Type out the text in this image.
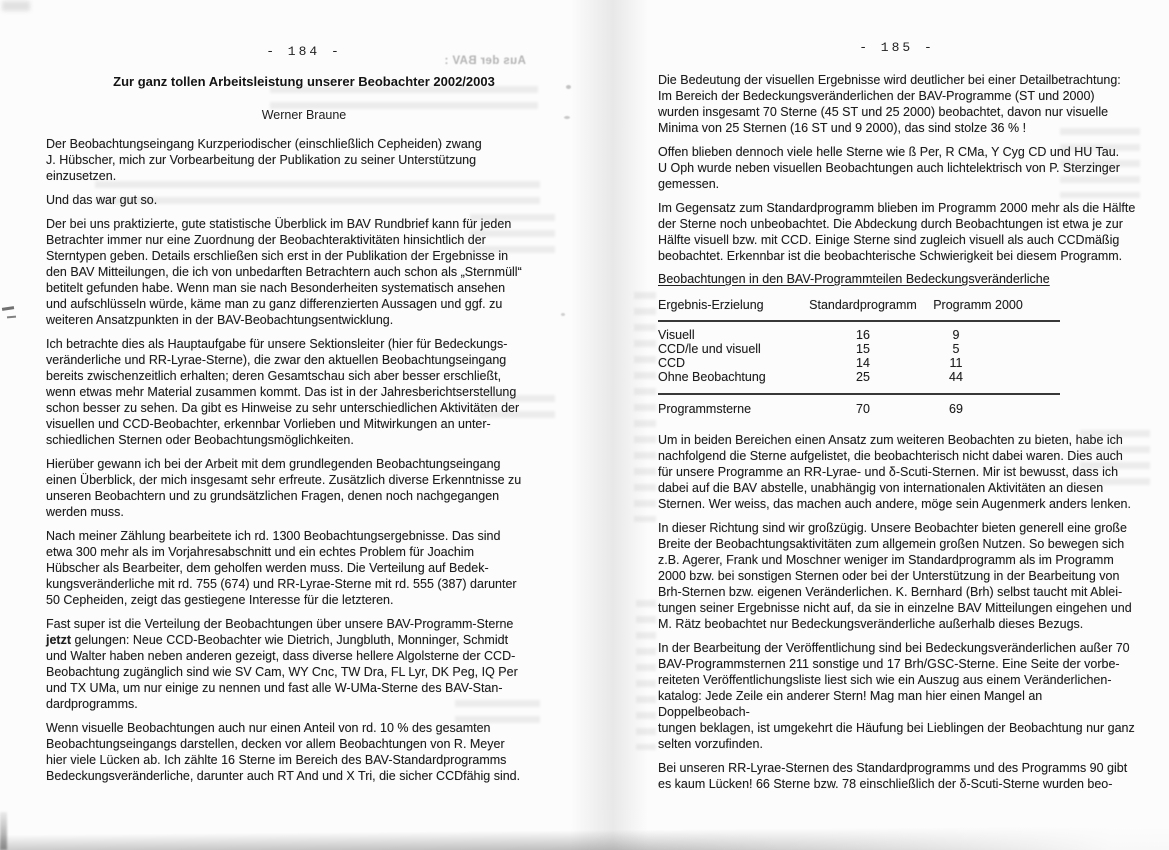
Aus der BAV :
- 184 -
Zur ganz tollen Arbeitsleistung unserer Beobachter 2002/2003
Werner Braune

Der Beobachtungseingang Kurzperiodischer (einschließlich Cepheiden) zwang
J. Hübscher, mich zur Vorbearbeitung der Publikation zu seiner Unterstützung
einzusetzen.

Und das war gut so.

Der bei uns praktizierte, gute statistische Überblick im BAV Rundbrief kann für jeden
Betrachter immer nur eine Zuordnung der Beobachteraktivitäten hinsichtlich der
Sterntypen geben. Details erschließen sich erst in der Publikation der Ergebnisse in
den BAV Mitteilungen, die ich von unbedarften Betrachtern auch schon als „Sternmüll“
betitelt gefunden habe. Wenn man sie nach Besonderheiten systematisch ansehen
und aufschlüsseln würde, käme man zu ganz differenzierten Aussagen und ggf. zu
weiteren Ansatzpunkten in der BAV-Beobachtungsentwicklung.

Ich betrachte dies als Hauptaufgabe für unsere Sektionsleiter (hier für Bedeckungs-
veränderliche und RR-Lyrae-Sterne), die zwar den aktuellen Beobachtungseingang
bereits zwischenzeitlich erhalten; deren Gesamtschau sich aber besser erschließt,
wenn etwas mehr Material zusammen kommt. Das ist in der Jahresberichtserstellung
schon besser zu sehen. Da gibt es Hinweise zu sehr unterschiedlichen Aktivitäten der
visuellen und CCD-Beobachter, erkennbar Vorlieben und Mitwirkungen an unter-
schiedlichen Sternen oder Beobachtungsmöglichkeiten.

Hierüber gewann ich bei der Arbeit mit dem grundlegenden Beobachtungseingang
einen Überblick, der mich insgesamt sehr erfreute. Zusätzlich diverse Erkenntnisse zu
unseren Beobachtern und zu grundsätzlichen Fragen, denen noch nachgegangen
werden muss.

Nach meiner Zählung bearbeitete ich rd. 1300 Beobachtungsergebnisse. Das sind
etwa 300 mehr als im Vorjahresabschnitt und ein echtes Problem für Joachim
Hübscher als Bearbeiter, dem geholfen werden muss. Die Verteilung auf Bedek-
kungsveränderliche mit rd. 755 (674) und RR-Lyrae-Sterne mit rd. 555 (387) darunter
50 Cepheiden, zeigt das gestiegene Interesse für die letzteren.

Fast super ist die Verteilung der Beobachtungen über unsere BAV-Programm-Sterne
jetzt gelungen: Neue CCD-Beobachter wie Dietrich, Jungbluth, Monninger, Schmidt
und Walter haben neben anderen gezeigt, dass diverse hellere Algolsterne der CCD-
Beobachtung zugänglich sind wie SV Cam, WY Cnc, TW Dra, FL Lyr, DK Peg, IQ Per
und TX UMa, um nur einige zu nennen und fast alle W-UMa-Sterne des BAV-Stan-
dardprogramms.

Wenn visuelle Beobachtungen auch nur einen Anteil von rd. 10 % des gesamten
Beobachtungseingangs darstellen, decken vor allem Beobachtungen von R. Meyer
hier viele Lücken ab. Ich zählte 16 Sterne im Bereich des BAV-Standardprogramms
Bedeckungsveränderliche, darunter auch RT And und X Tri, die sicher CCDfähig sind.

- 185 -

Die Bedeutung der visuellen Ergebnisse wird deutlicher bei einer Detailbetrachtung:
Im Bereich der Bedeckungsveränderlichen der BAV-Programme (ST und 2000)
wurden insgesamt 70 Sterne (45 ST und 25 2000) beobachtet, davon nur visuelle
Minima von 25 Sternen (16 ST und 9 2000), das sind stolze 36 % !

Offen blieben dennoch viele helle Sterne wie ß Per, R CMa, Y Cyg CD und HU Tau.
U Oph wurde neben visuellen Beobachtungen auch lichtelektrisch von P. Sterzinger
gemessen.

Im Gegensatz zum Standardprogramm blieben im Programm 2000 mehr als die Hälfte
der Sterne noch unbeobachtet. Die Abdeckung durch Beobachtungen ist etwa je zur
Hälfte visuell bzw. mit CCD. Einige Sterne sind zugleich visuell als auch CCDmäßig
beobachtet. Erkennbar ist die beobachterische Schwierigkeit bei diesem Programm.

Beobachtungen in den BAV-Programmteilen Bedeckungsveränderliche
Ergebnis-Erzielung	Standardprogramm	Programm 2000
Visuell	16	9
CCD/le und visuell	15	5
CCD	14	11
Ohne Beobachtung	25	44
Programmsterne	70	69

Um in beiden Bereichen einen Ansatz zum weiteren Beobachten zu bieten, habe ich
nachfolgend die Sterne aufgelistet, die beobachterisch nicht dabei waren. Dies auch
für unsere Programme an RR-Lyrae- und δ-Scuti-Sternen. Mir ist bewusst, dass ich
dabei auf die BAV abstelle, unabhängig von internationalen Aktivitäten an diesen
Sternen. Wer weiss, das machen auch andere, möge sein Augenmerk anders lenken.

In dieser Richtung sind wir großzügig. Unsere Beobachter bieten generell eine große
Breite der Beobachtungsaktivitäten zum allgemein großen Nutzen. So bewegen sich
z.B. Agerer, Frank und Moschner weniger im Standardprogramm als im Programm
2000 bzw. bei sonstigen Sternen oder bei der Unterstützung in der Bearbeitung von
Brh-Sternen bzw. eigenen Veränderlichen. K. Bernhard (Brh) selbst taucht mit Ablei-
tungen seiner Ergebnisse nicht auf, da sie in einzelne BAV Mitteilungen eingehen und
M. Rätz beobachtet nur Bedeckungsveränderliche außerhalb dieses Bezugs.

In der Bearbeitung der Veröffentlichung sind bei Bedeckungsveränderlichen außer 70
BAV-Programmsternen 211 sonstige und 17 Brh/GSC-Sterne. Eine Seite der vorbe-
reiteten Veröffentlichungsliste liest sich wie ein Auszug aus einem Veränderlichen-
katalog: Jede Zeile ein anderer Stern! Mag man hier einen Mangel an Doppelbeobach-
tungen beklagen, ist umgekehrt die Häufung bei Lieblingen der Beobachtung nur ganz
selten vorzufinden.

Bei unseren RR-Lyrae-Sternen des Standardprogramms und des Programms 90 gibt
es kaum Lücken! 66 Sterne bzw. 78 einschließlich der δ-Scuti-Sterne wurden beo-
